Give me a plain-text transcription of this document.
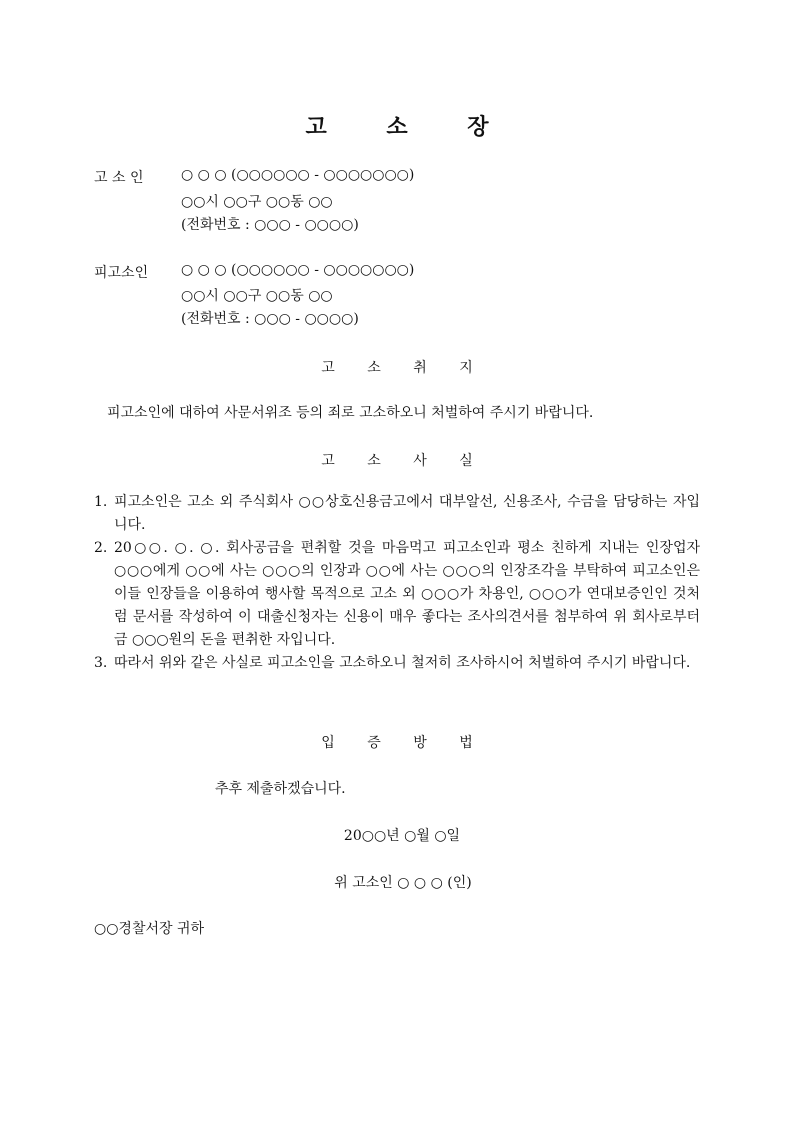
고 소 장
고 소 인	○ ○ ○ (○○○○○○ - ○○○○○○○)
○○시 ○○구 ○○동 ○○
(전화번호 : ○○○ - ○○○○)
피고소인 ○ ○ ○ (○○○○○○ - ○○○○○○○)
○○시 ○○구 ○○동 ○○
(전화번호 : ○○○ - ○○○○)
고 소 취 지
피고소인에 대하여 사문서위조 등의 죄로 고소하오니 처벌하여 주시기 바랍니다.
고 소 사 실
1. 피고소인은 고소 외 주식회사 ○○상호신용금고에서 대부알선, 신용조사, 수금을 담당하는 자입니다.
2. 20○○. ○. ○. 회사공금을 편취할 것을 마음먹고 피고소인과 평소 친하게 지내는 인장업자 ○○○에게 ○○에 사는 ○○○의 인장과 ○○에 사는 ○○○의 인장조각을 부탁하여 피고소인은 이들 인장들을 이용하여 행사할 목적으로 고소 외 ○○○가 차용인, ○○○가 연대보증인인 것처럼 문서를 작성하여 이 대출신청자는 신용이 매우 좋다는 조사의견서를 첨부하여 위 회사로부터 금 ○○○원의 돈을 편취한 자입니다.
3. 따라서 위와 같은 사실로 피고소인을 고소하오니 철저히 조사하시어 처벌하여 주시기 바랍니다.
입 증 방 법
추후 제출하겠습니다.
20○○년 ○월 ○일
위 고소인 ○ ○ ○ (인)
○○경찰서장 귀하
